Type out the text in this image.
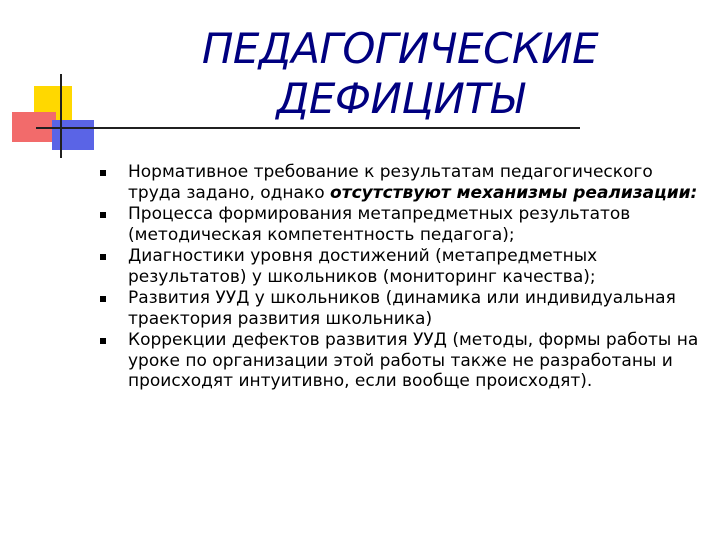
ПЕДАГОГИЧЕСКИЕ
ДЕФИЦИТЫ
Нормативное требование к результатам педагогического труда задано, однако отсутствуют механизмы реализации:
Процесса формирования метапредметных результатов (методическая компетентность педагога);
Диагностики уровня достижений (метапредметных результатов) у школьников (мониторинг качества);
Развития УУД у школьников (динамика или индивидуальная траектория развития школьника)
Коррекции дефектов развития УУД (методы, формы работы на уроке по организации этой работы также не разработаны и происходят интуитивно, если вообще происходят).
